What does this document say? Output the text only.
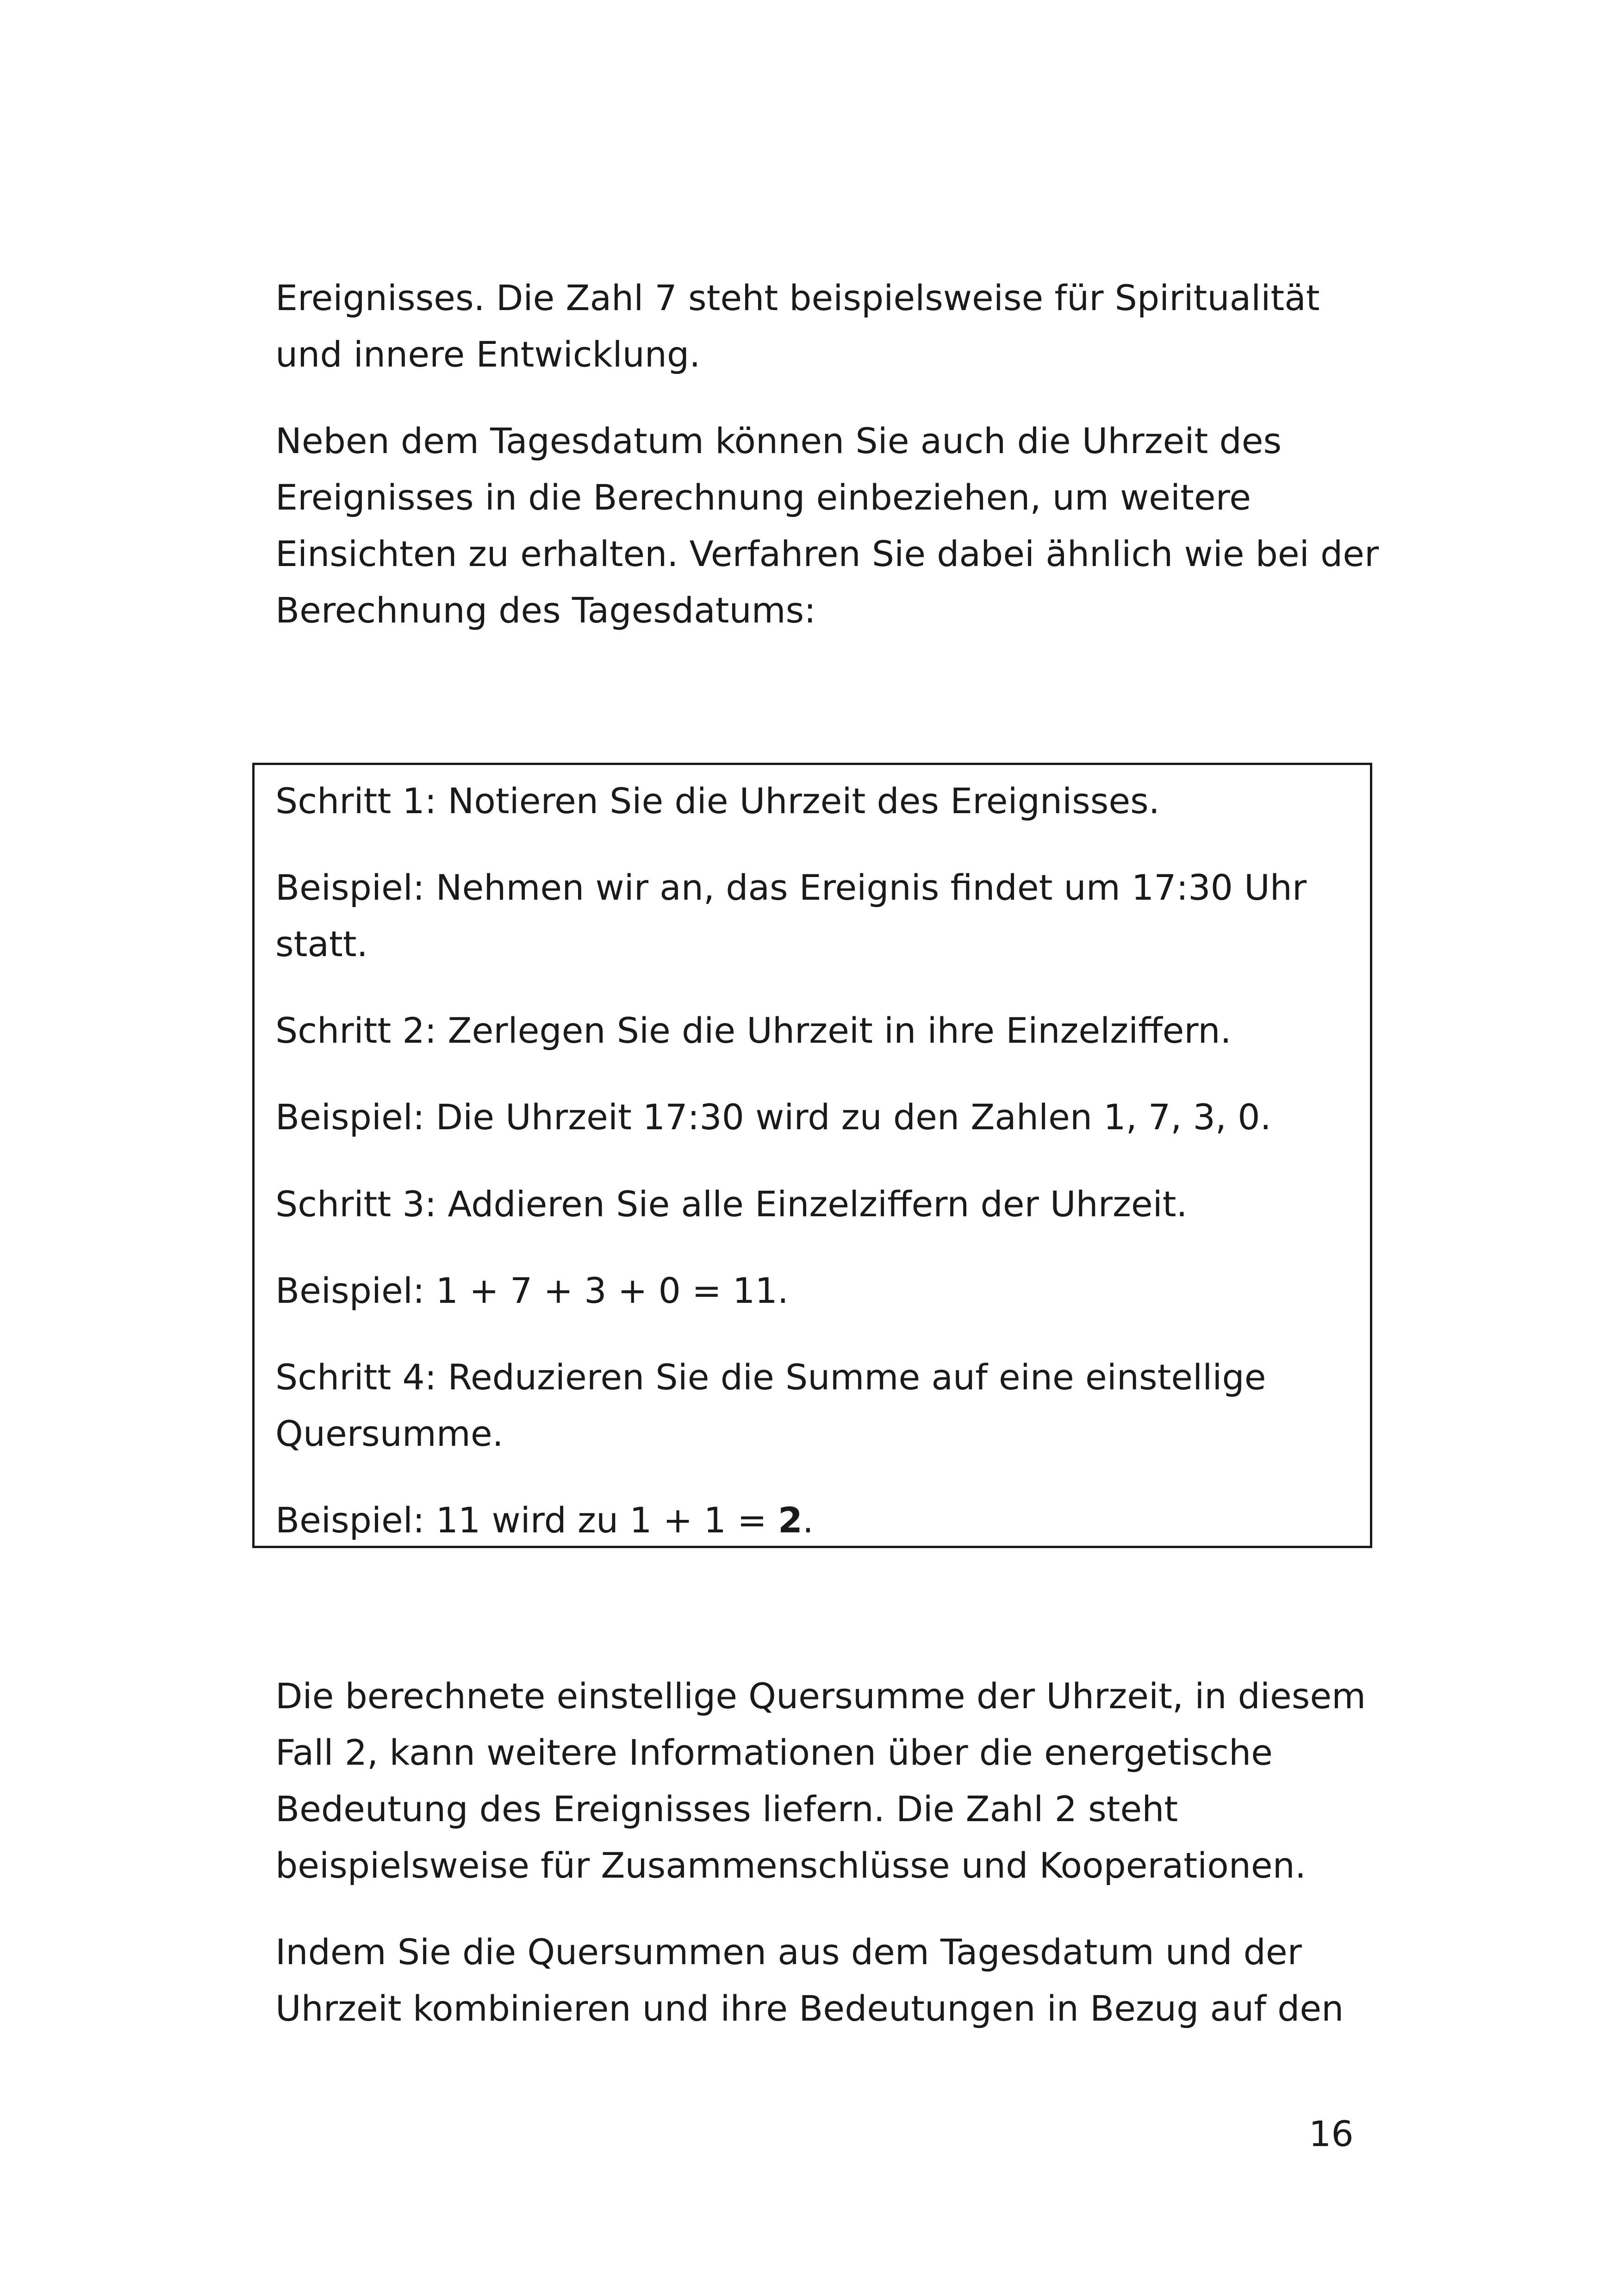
Ereignisses. Die Zahl 7 steht beispielsweise für Spiritualität

und innere Entwicklung.

Neben dem Tagesdatum können Sie auch die Uhrzeit des

Ereignisses in die Berechnung einbeziehen, um weitere

Einsichten zu erhalten. Verfahren Sie dabei ähnlich wie bei der

Berechnung des Tagesdatums:

Schritt 1: Notieren Sie die Uhrzeit des Ereignisses.

Beispiel: Nehmen wir an, das Ereignis findet um 17:30 Uhr

statt.

Schritt 2: Zerlegen Sie die Uhrzeit in ihre Einzelziffern.

Beispiel: Die Uhrzeit 17:30 wird zu den Zahlen 1, 7, 3, 0.

Schritt 3: Addieren Sie alle Einzelziffern der Uhrzeit.

Beispiel: 1 + 7 + 3 + 0 = 11.

Schritt 4: Reduzieren Sie die Summe auf eine einstellige

Quersumme.

Beispiel: 11 wird zu 1 + 1 = 2.

Die berechnete einstellige Quersumme der Uhrzeit, in diesem

Fall 2, kann weitere Informationen über die energetische

Bedeutung des Ereignisses liefern. Die Zahl 2 steht

beispielsweise für Zusammenschlüsse und Kooperationen.

Indem Sie die Quersummen aus dem Tagesdatum und der

Uhrzeit kombinieren und ihre Bedeutungen in Bezug auf den

16
